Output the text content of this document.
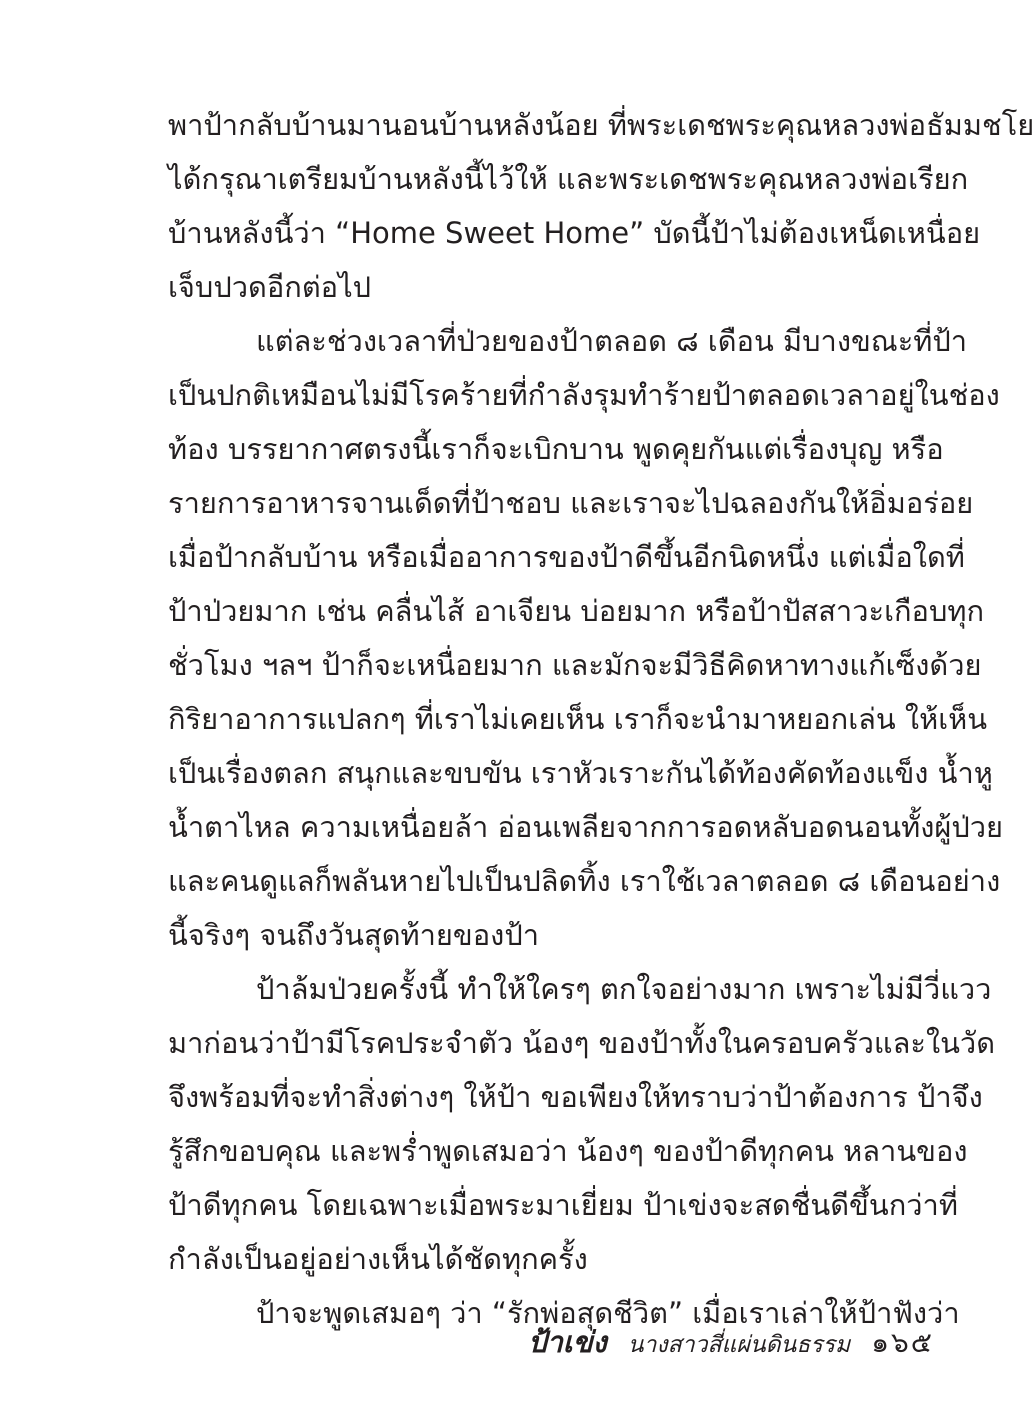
พาป้ากลับบ้านมานอนบ้านหลังน้อย ที่พระเดชพระคุณหลวงพ่อธัมมชโย
ได้กรุณาเตรียมบ้านหลังนี้ไว้ให้ และพระเดชพระคุณหลวงพ่อเรียก
บ้านหลังนี้ว่า “Home Sweet Home” บัดนี้ป้าไม่ต้องเหน็ดเหนื่อย
เจ็บปวดอีกต่อไป
แต่ละช่วงเวลาที่ป่วยของป้าตลอด ๘ เดือน มีบางขณะที่ป้า
เป็นปกติเหมือนไม่มีโรคร้ายที่กำลังรุมทำร้ายป้าตลอดเวลาอยู่ในช่อง
ท้อง บรรยากาศตรงนี้เราก็จะเบิกบาน พูดคุยกันแต่เรื่องบุญ หรือ
รายการอาหารจานเด็ดที่ป้าชอบ และเราจะไปฉลองกันให้อิ่มอร่อย
เมื่อป้ากลับบ้าน หรือเมื่ออาการของป้าดีขึ้นอีกนิดหนึ่ง แต่เมื่อใดที่
ป้าป่วยมาก เช่น คลื่นไส้ อาเจียน บ่อยมาก หรือป้าปัสสาวะเกือบทุก
ชั่วโมง ฯลฯ ป้าก็จะเหนื่อยมาก และมักจะมีวิธีคิดหาทางแก้เซ็งด้วย
กิริยาอาการแปลกๆ ที่เราไม่เคยเห็น เราก็จะนำมาหยอกเล่น ให้เห็น
เป็นเรื่องตลก สนุกและขบขัน เราหัวเราะกันได้ท้องคัดท้องแข็ง น้ำหู
น้ำตาไหล ความเหนื่อยล้า อ่อนเพลียจากการอดหลับอดนอนทั้งผู้ป่วย
และคนดูแลก็พลันหายไปเป็นปลิดทิ้ง เราใช้เวลาตลอด ๘ เดือนอย่าง
นี้จริงๆ จนถึงวันสุดท้ายของป้า
ป้าล้มป่วยครั้งนี้ ทำให้ใครๆ ตกใจอย่างมาก เพราะไม่มีวี่แวว
มาก่อนว่าป้ามีโรคประจำตัว น้องๆ ของป้าทั้งในครอบครัวและในวัด
จึงพร้อมที่จะทำสิ่งต่างๆ ให้ป้า ขอเพียงให้ทราบว่าป้าต้องการ ป้าจึง
รู้สึกขอบคุณ และพร่ำพูดเสมอว่า น้องๆ ของป้าดีทุกคน หลานของ
ป้าดีทุกคน โดยเฉพาะเมื่อพระมาเยี่ยม ป้าเข่งจะสดชื่นดีขึ้นกว่าที่
กำลังเป็นอยู่อย่างเห็นได้ชัดทุกครั้ง
ป้าจะพูดเสมอๆ ว่า “รักพ่อสุดชีวิต” เมื่อเราเล่าให้ป้าฟังว่า
ป้าเข่ง นางสาวสี่แผ่นดินธรรม ๑๖๕
